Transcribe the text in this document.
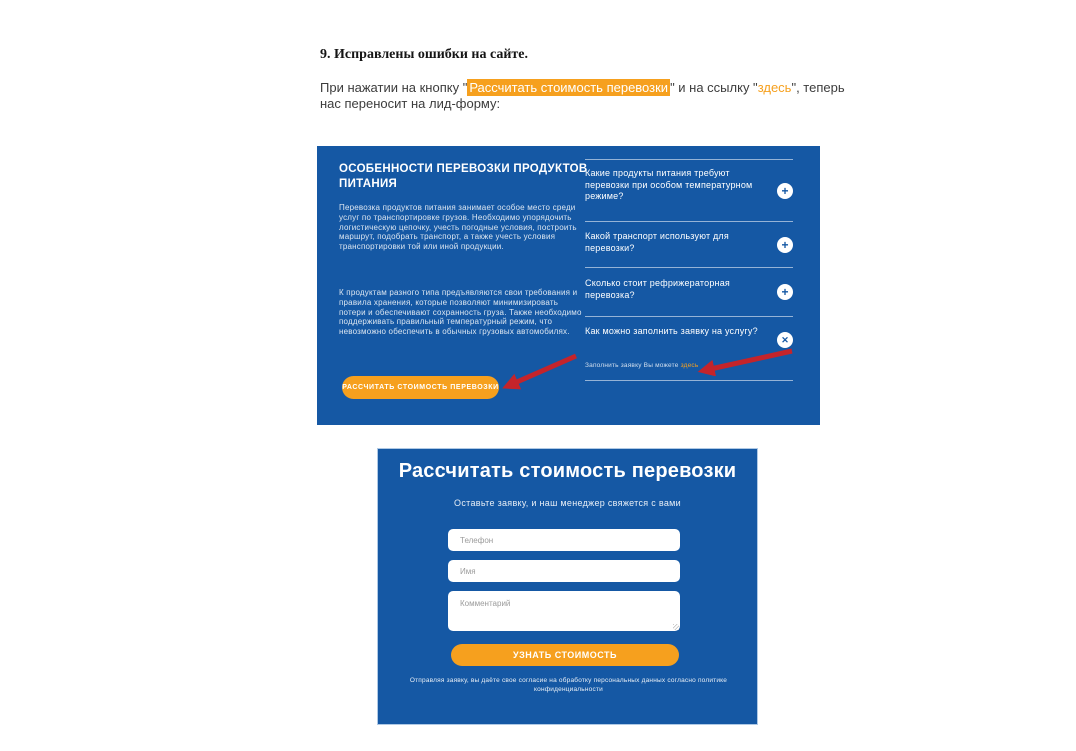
9. Исправлены ошибки на сайте.

При нажатии на кнопку " Рассчитать стоимость перевозки " и на ссылку "здесь", теперь нас переносит на лид-форму:

ОСОБЕННОСТИ ПЕРЕВОЗКИ ПРОДУКТОВ ПИТАНИЯ

Перевозка продуктов питания занимает особое место среди услуг по транспортировке грузов. Необходимо упорядочить логистическую цепочку, учесть погодные условия, построить маршрут, подобрать транспорт, а также учесть условия транспортировки той или иной продукции.

К продуктам разного типа предъявляются свои требования и правила хранения, которые позволяют минимизировать потери и обеспечивают сохранность груза. Также необходимо поддерживать правильный температурный режим, что невозможно обеспечить в обычных грузовых автомобилях.

РАССЧИТАТЬ СТОИМОСТЬ ПЕРЕВОЗКИ
Какие продукты питания требуют перевозки при особом температурном режиме?	+
Какой транспорт используют для перевозки?	+
Сколько стоит рефрижераторная перевозка?	+
Как можно заполнить заявку на услугу?
✕
Заполнить заявку Вы можете здесь
Рассчитать стоимость перевозки
Оставьте заявку, и наш менеджер свяжется с вами
Телефон
Имя
Комментарий
УЗНАТЬ СТОИМОСТЬ
Отправляя заявку, вы даёте свое согласие на обработку персональных данных согласно политике конфиденциальности
